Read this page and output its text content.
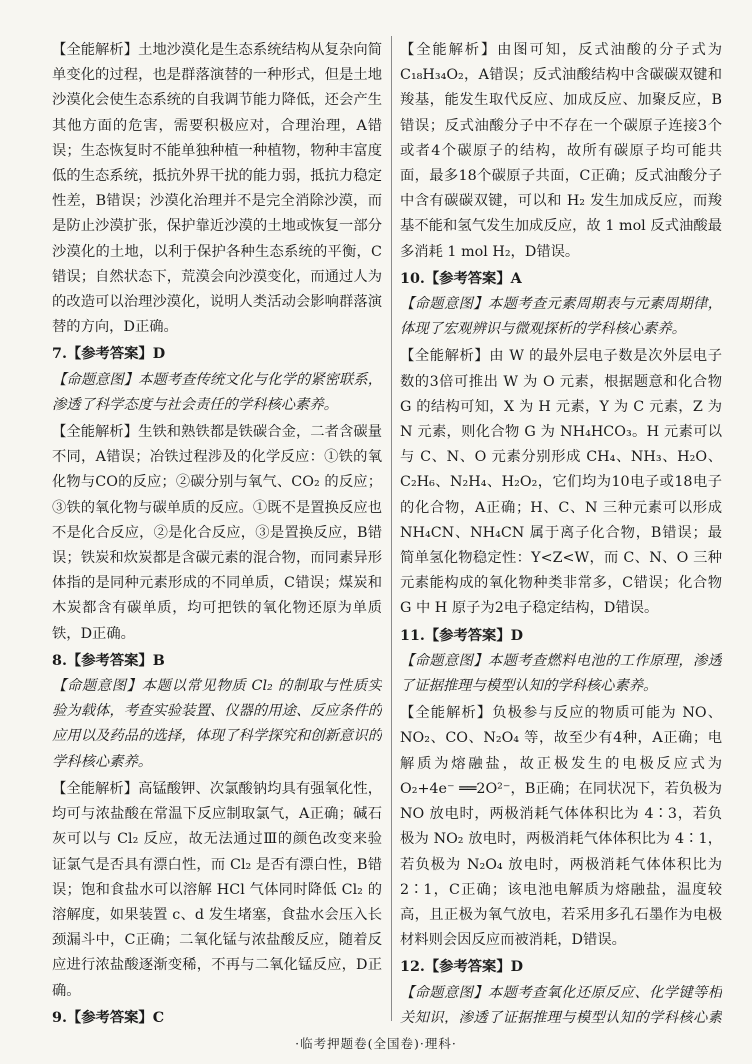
【全能解析】土地沙漠化是生态系统结构从复杂向简单变化的过程，也是群落演替的一种形式，但是土地沙漠化会使生态系统的自我调节能力降低，还会产生其他方面的危害，需要积极应对，合理治理，A错误；生态恢复时不能单独种植一种植物，物种丰富度低的生态系统，抵抗外界干扰的能力弱，抵抗力稳定性差，B错误；沙漠化治理并不是完全消除沙漠，而是防止沙漠扩张，保护靠近沙漠的土地或恢复一部分沙漠化的土地，以利于保护各种生态系统的平衡，C错误；自然状态下，荒漠会向沙漠变化，而通过人为的改造可以治理沙漠化，说明人类活动会影响群落演替的方向，D正确。

7.【参考答案】D

【命题意图】本题考查传统文化与化学的紧密联系，渗透了科学态度与社会责任的学科核心素养。

【全能解析】生铁和熟铁都是铁碳合金，二者含碳量不同，A错误；冶铁过程涉及的化学反应：①铁的氧化物与CO的反应；②碳分别与氧气、CO₂ 的反应；③铁的氧化物与碳单质的反应。①既不是置换反应也不是化合反应，②是化合反应，③是置换反应，B错误；铁炭和炊炭都是含碳元素的混合物，而同素异形体指的是同种元素形成的不同单质，C错误；煤炭和木炭都含有碳单质，均可把铁的氧化物还原为单质铁，D正确。

8.【参考答案】B

【命题意图】本题以常见物质 Cl₂ 的制取与性质实验为载体，考查实验装置、仪器的用途、反应条件的应用以及药品的选择，体现了科学探究和创新意识的学科核心素养。

【全能解析】高锰酸钾、次氯酸钠均具有强氧化性，均可与浓盐酸在常温下反应制取氯气，A正确；碱石灰可以与 Cl₂ 反应，故无法通过Ⅲ的颜色改变来验证氯气是否具有漂白性，而 Cl₂ 是否有漂白性，B错误；饱和食盐水可以溶解 HCl 气体同时降低 Cl₂ 的溶解度，如果装置 c、d 发生堵塞，食盐水会压入长颈漏斗中，C正确；二氧化锰与浓盐酸反应，随着反应进行浓盐酸逐渐变稀，不再与二氧化锰反应，D正确。

9.【参考答案】C

【全能解析】由图可知，反式油酸的分子式为 C₁₈H₃₄O₂，A错误；反式油酸结构中含碳碳双键和羧基，能发生取代反应、加成反应、加聚反应，B错误；反式油酸分子中不存在一个碳原子连接3个或者4个碳原子的结构，故所有碳原子均可能共面，最多18个碳原子共面，C正确；反式油酸分子中含有碳碳双键，可以和 H₂ 发生加成反应，而羧基不能和氢气发生加成反应，故 1 mol 反式油酸最多消耗 1 mol H₂，D错误。

10.【参考答案】A

【命题意图】本题考查元素周期表与元素周期律，体现了宏观辨识与微观探析的学科核心素养。

【全能解析】由 W 的最外层电子数是次外层电子数的3倍可推出 W 为 O 元素，根据题意和化合物 G 的结构可知，X 为 H 元素，Y 为 C 元素，Z 为 N 元素，则化合物 G 为 NH₄HCO₃。H 元素可以与 C、N、O 元素分别形成 CH₄、NH₃、H₂O、C₂H₆、N₂H₄、H₂O₂，它们均为10电子或18电子的化合物，A正确；H、C、N 三种元素可以形成 NH₄CN、NH₄CN 属于离子化合物，B错误；最简单氢化物稳定性：Y<Z<W，而 C、N、O 三种元素能构成的氧化物种类非常多，C错误；化合物 G 中 H 原子为2电子稳定结构，D错误。

11.【参考答案】D

【命题意图】本题考查燃料电池的工作原理，渗透了证据推理与模型认知的学科核心素养。

【全能解析】负极参与反应的物质可能为 NO、NO₂、CO、N₂O₄ 等，故至少有4种，A正确；电解质为熔融盐，故正极发生的电极反应式为 O₂+4e⁻ ══2O²⁻，B正确；在同状况下，若负极为 NO 放电时，两极消耗气体体积比为 4∶3，若负极为 NO₂ 放电时，两极消耗气体体积比为 4∶1，若负极为 N₂O₄ 放电时，两极消耗气体体积比为 2∶1，C正确；该电池电解质为熔融盐，温度较高，且正极为氧气放电，若采用多孔石墨作为电极材料则会因反应而被消耗，D错误。

12.【参考答案】D

【命题意图】本题考查氧化还原反应、化学键等相关知识，渗透了证据推理与模型认知的学科核心素

·临考押题卷(全国卷)·理科·
